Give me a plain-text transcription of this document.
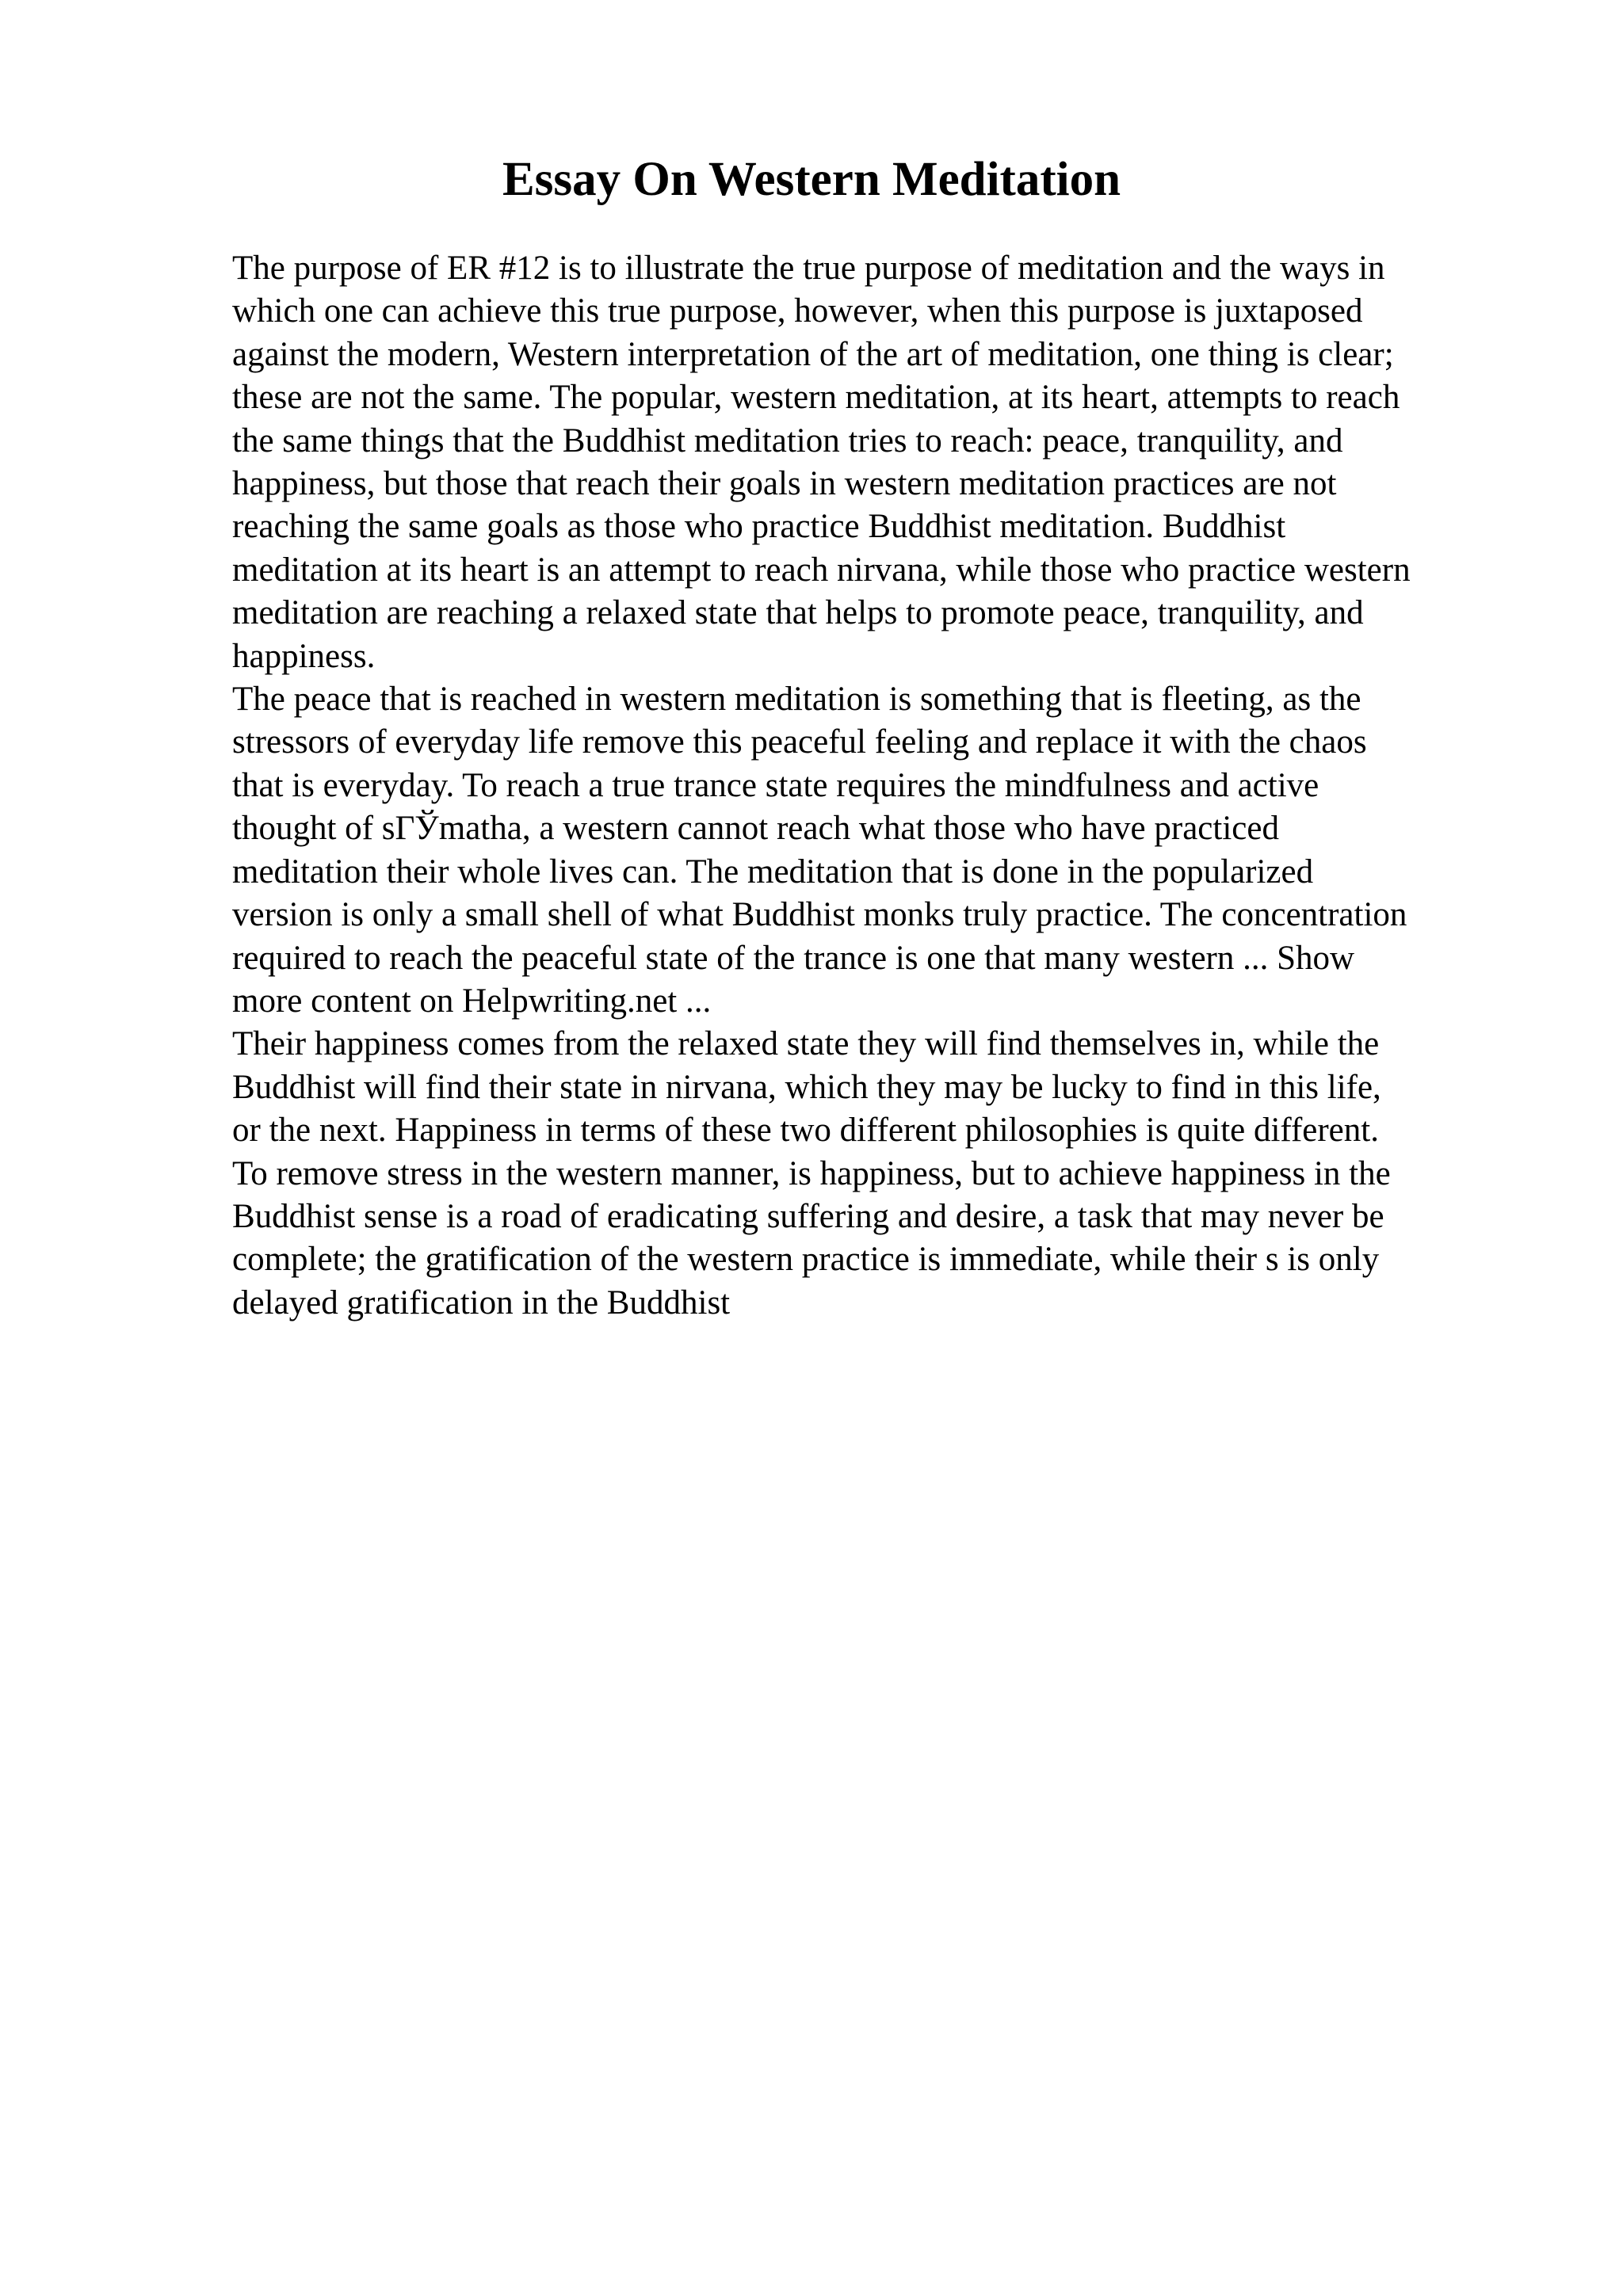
Essay On Western Meditation

The purpose of ER #12 is to illustrate the true purpose of meditation and the ways in
which one can achieve this true purpose, however, when this purpose is juxtaposed
against the modern, Western interpretation of the art of meditation, one thing is clear;
these are not the same. The popular, western meditation, at its heart, attempts to reach
the same things that the Buddhist meditation tries to reach: peace, tranquility, and
happiness, but those that reach their goals in western meditation practices are not
reaching the same goals as those who practice Buddhist meditation. Buddhist
meditation at its heart is an attempt to reach nirvana, while those who practice western
meditation are reaching a relaxed state that helps to promote peace, tranquility, and
happiness.

The peace that is reached in western meditation is something that is fleeting, as the
stressors of everyday life remove this peaceful feeling and replace it with the chaos
that is everyday. To reach a true trance state requires the mindfulness and active
thought of sΓЎmatha, a western cannot reach what those who have practiced
meditation their whole lives can. The meditation that is done in the popularized
version is only a small shell of what Buddhist monks truly practice. The concentration
required to reach the peaceful state of the trance is one that many western ... Show
more content on Helpwriting.net ...

Their happiness comes from the relaxed state they will find themselves in, while the
Buddhist will find their state in nirvana, which they may be lucky to find in this life,
or the next. Happiness in terms of these two different philosophies is quite different.
To remove stress in the western manner, is happiness, but to achieve happiness in the
Buddhist sense is a road of eradicating suffering and desire, a task that may never be
complete; the gratification of the western practice is immediate, while their s is only
delayed gratification in the Buddhist
